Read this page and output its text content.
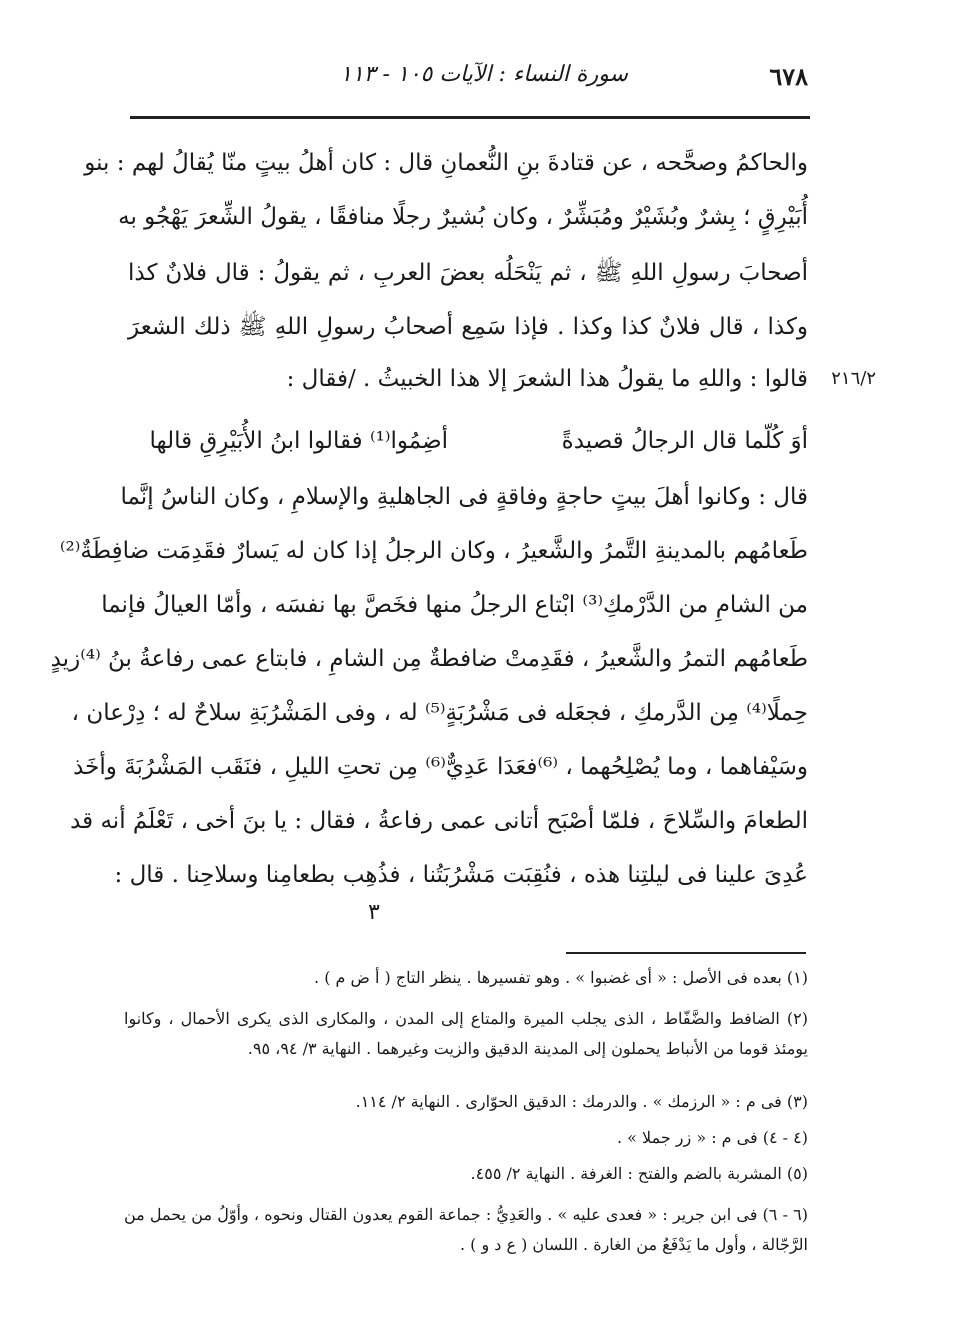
٦٧٨
سورة النساء : الآيات ١٠٥ - ١١٣
٢١٦/٢
والحاكمُ وصحَّحه ، عن قتادةَ بنِ النُّعمانِ قال : كان أهلُ بيتٍ منّا يُقالُ لهم : بنو
أُبَيْرِقٍ ؛ بِشرٌ وبُشَيْرٌ ومُبَشِّرٌ ، وكان بُشيرٌ رجلًا منافقًا ، يقولُ الشِّعرَ يَهْجُو به
أصحابَ رسولِ اللهِ ﷺ ، ثم يَنْحَلُه بعضَ العربِ ، ثم يقولُ : قال فلانٌ كذا
وكذا ، قال فلانٌ كذا وكذا . فإذا سَمِع أصحابُ رسولِ اللهِ ﷺ ذلك الشعرَ
قالوا : واللهِ ما يقولُ هذا الشعرَ إلا هذا الخبيثُ . /فقال :
أوَ كُلّما قال الرجالُ قصيدةً
أضِمُوا⁽¹⁾ فقالوا ابنُ الأُبَيْرِقِ قالها
قال : وكانوا أهلَ بيتٍ حاجةٍ وفاقةٍ فى الجاهليةِ والإسلامِ ، وكان الناسُ إنَّما
طَعامُهم بالمدينةِ التَّمرُ والشَّعيرُ ، وكان الرجلُ إذا كان له يَسارٌ فقَدِمَت ضافِطَةٌ⁽²⁾
من الشامِ من الدَّرْمكِ⁽³⁾ ابْتاع الرجلُ منها فخَصَّ بها نفسَه ، وأمّا العيالُ فإنما
طَعامُهم التمرُ والشَّعيرُ ، فقَدِمتْ ضافطةٌ مِن الشامِ ، فابتاع عمى رفاعةُ بنُ ⁽⁴⁾زيدٍ
حِملًا⁽⁴⁾ مِن الدَّرمكِ ، فجعَله فى مَشْرُبَةٍ⁽⁵⁾ له ، وفى المَشْرُبَةِ سلاحٌ له ؛ دِرْعان ،
وسَيْفاهما ، وما يُصْلِحُهما ، ⁽⁶⁾فعَدَا عَدِيٌّ⁽⁶⁾ مِن تحتِ الليلِ ، فنَقَب المَشْرُبَةَ وأخَذ
الطعامَ والسِّلاحَ ، فلمّا أصْبَح أتانى عمى رفاعةُ ، فقال : يا بنَ أخى ، تَعْلَمُ أنه قد
عُدِىَ علينا فى ليلتِنا هذه ، فنُقِبَت مَشْرُبَتُنا ، فذُهِب بطعامِنا وسلاحِنا . قال :
٣
(١) بعده فى الأصل : « أى غضبوا » . وهو تفسيرها . ينظر التاج ( أ ض م ) .
(٢) الضافط والضَّفّاط ، الذى يجلب الميرة والمتاع إلى المدن ، والمكارى الذى يكرى الأحمال ، وكانوا يومئذ قوما من الأنباط يحملون إلى المدينة الدقيق والزيت وغيرهما . النهاية ٣/ ٩٤، ٩٥.
(٣) فى م : « الرزمك » . والدرمك : الدقيق الحوّارى . النهاية ٢/ ١١٤.
(٤ - ٤) فى م : « زر جملا » .
(٥) المشربة بالضم والفتح : الغرفة . النهاية ٢/ ٤٥٥.
(٦ - ٦) فى ابن جرير : « فعدى عليه » . والعَدِيُّ : جماعة القوم يعدون القتال ونحوه ، وأوّلُ من يحمل من الرَّجّالة ، وأول ما يَدْفَعُ من الغارة . اللسان ( ع د و ) .
